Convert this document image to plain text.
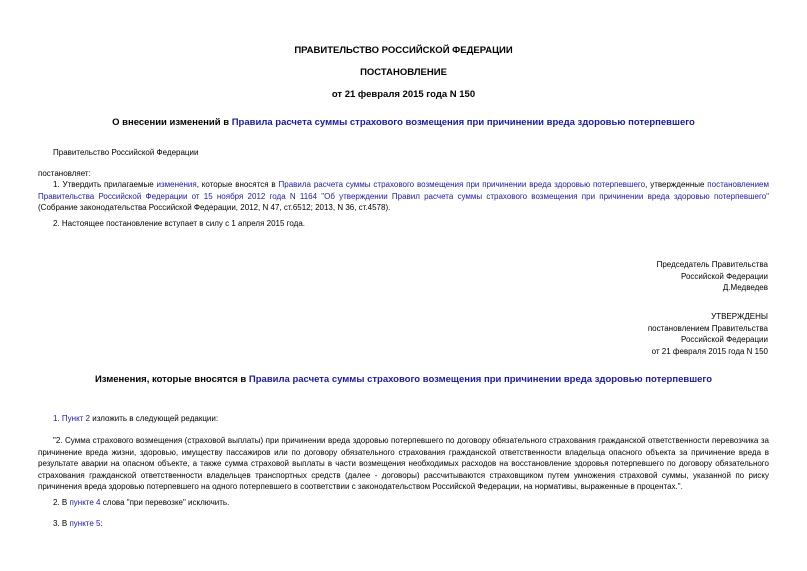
ПРАВИТЕЛЬСТВО РОССИЙСКОЙ ФЕДЕРАЦИИ
ПОСТАНОВЛЕНИЕ
от 21 февраля 2015 года N 150
О внесении изменений в Правила расчета суммы страхового возмещения при причинении вреда здоровью потерпевшего
Правительство Российской Федерации
постановляет:
1. Утвердить прилагаемые изменения, которые вносятся в Правила расчета суммы страхового возмещения при причинении вреда здоровью потерпевшего, утвержденные постановлением Правительства Российской Федерации от 15 ноября 2012 года N 1164 "Об утверждении Правил расчета суммы страхового возмещения при причинении вреда здоровью потерпевшего" (Собрание законодательства Российской Федерации, 2012, N 47, ст.6512; 2013, N 36, ст.4578).
2. Настоящее постановление вступает в силу с 1 апреля 2015 года.
Председатель Правительства
Российской Федерации
Д.Медведев
УТВЕРЖДЕНЫ
постановлением Правительства
Российской Федерации
от 21 февраля 2015 года N 150
Изменения, которые вносятся в Правила расчета суммы страхового возмещения при причинении вреда здоровью потерпевшего
1. Пункт 2 изложить в следующей редакции:
"2. Сумма страхового возмещения (страховой выплаты) при причинении вреда здоровью потерпевшего по договору обязательного страхования гражданской ответственности перевозчика за причинение вреда жизни, здоровью, имуществу пассажиров или по договору обязательного страхования гражданской ответственности владельца опасного объекта за причинение вреда в результате аварии на опасном объекте, а также сумма страховой выплаты в части возмещения необходимых расходов на восстановление здоровья потерпевшего по договору обязательного страхования гражданской ответственности владельцев транспортных средств (далее - договоры) рассчитываются страховщиком путем умножения страховой суммы, указанной по риску причинения вреда здоровью потерпевшего на одного потерпевшего в соответствии с законодательством Российской Федерации, на нормативы, выраженные в процентах.".
2. В пункте 4 слова "при перевозке" исключить.
3. В пункте 5:
